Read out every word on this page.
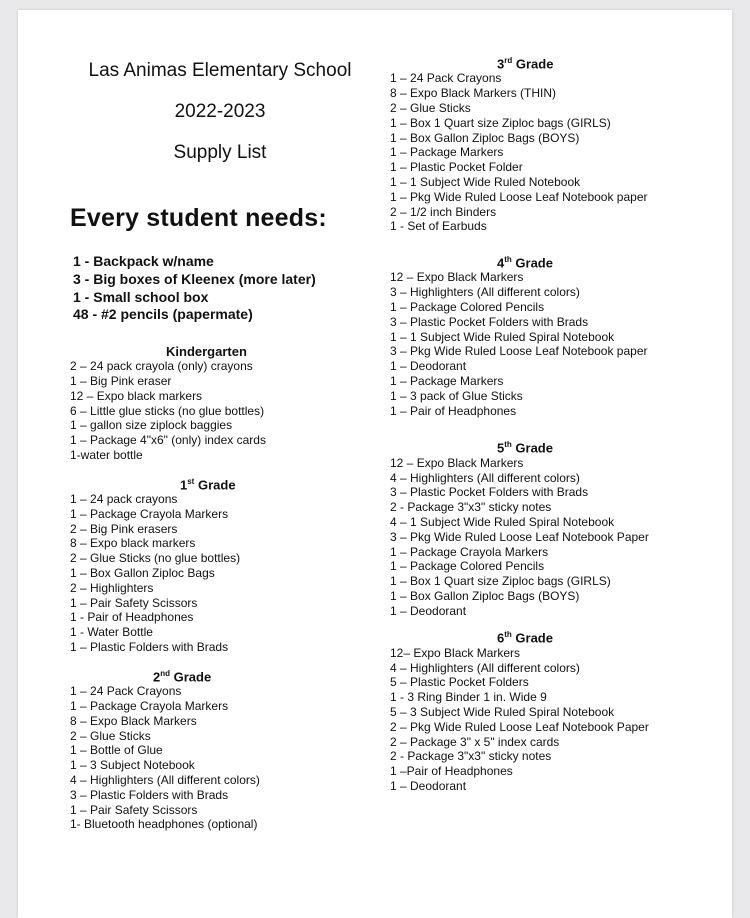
Las Animas Elementary School

2022-2023

Supply List

Every student needs:

1 - Backpack w/name
3 - Big boxes of Kleenex (more later)
1 - Small school box
48 - #2 pencils (papermate)

Kindergarten

2 – 24 pack crayola (only) crayons
1 – Big Pink eraser
12 – Expo black markers
6 – Little glue sticks (no glue bottles)
1 – gallon size ziplock baggies
1 – Package 4"x6" (only) index cards
1-water bottle

1st Grade

1 – 24 pack crayons
1 – Package Crayola Markers
2 – Big Pink erasers
8 – Expo black markers
2 – Glue Sticks (no glue bottles)
1 – Box Gallon Ziploc Bags
2 – Highlighters
1 – Pair Safety Scissors
1 - Pair of Headphones
1 - Water Bottle
1 – Plastic Folders with Brads

2nd Grade

1 – 24 Pack Crayons
1 – Package Crayola Markers
8 – Expo Black Markers
2 – Glue Sticks
1 – Bottle of Glue
1 – 3 Subject Notebook
4 – Highlighters (All different colors)
3 – Plastic Folders with Brads
1 – Pair Safety Scissors
1- Bluetooth headphones (optional)

3rd Grade

1 – 24 Pack Crayons
8 – Expo Black Markers (THIN)
2 – Glue Sticks
1 – Box 1 Quart size Ziploc bags (GIRLS)
1 – Box Gallon Ziploc Bags (BOYS)
1 – Package Markers
1 – Plastic Pocket Folder
1 – 1 Subject Wide Ruled Notebook
1 – Pkg Wide Ruled Loose Leaf Notebook paper
2 – 1/2 inch Binders
1 - Set of Earbuds

4th Grade

12 – Expo Black Markers
3 – Highlighters (All different colors)
1 – Package Colored Pencils
3 – Plastic Pocket Folders with Brads
1 – 1 Subject Wide Ruled Spiral Notebook
3 – Pkg Wide Ruled Loose Leaf Notebook paper
1 – Deodorant
1 – Package Markers
1 – 3 pack of Glue Sticks
1 – Pair of Headphones

5th Grade

12 – Expo Black Markers
4 – Highlighters (All different colors)
3 – Plastic Pocket Folders with Brads
2 - Package 3"x3" sticky notes
4 – 1 Subject Wide Ruled Spiral Notebook
3 – Pkg Wide Ruled Loose Leaf Notebook Paper
1 – Package Crayola Markers
1 – Package Colored Pencils
1 – Box 1 Quart size Ziploc bags (GIRLS)
1 – Box Gallon Ziploc Bags (BOYS)
1 – Deodorant

6th Grade

12– Expo Black Markers
4 – Highlighters (All different colors)
5 – Plastic Pocket Folders
1 - 3 Ring Binder 1 in. Wide 9
5 – 3 Subject Wide Ruled Spiral Notebook
2 – Pkg Wide Ruled Loose Leaf Notebook Paper
2 – Package 3" x 5" index cards
2 - Package 3"x3" sticky notes
1 –Pair of Headphones
1 – Deodorant
